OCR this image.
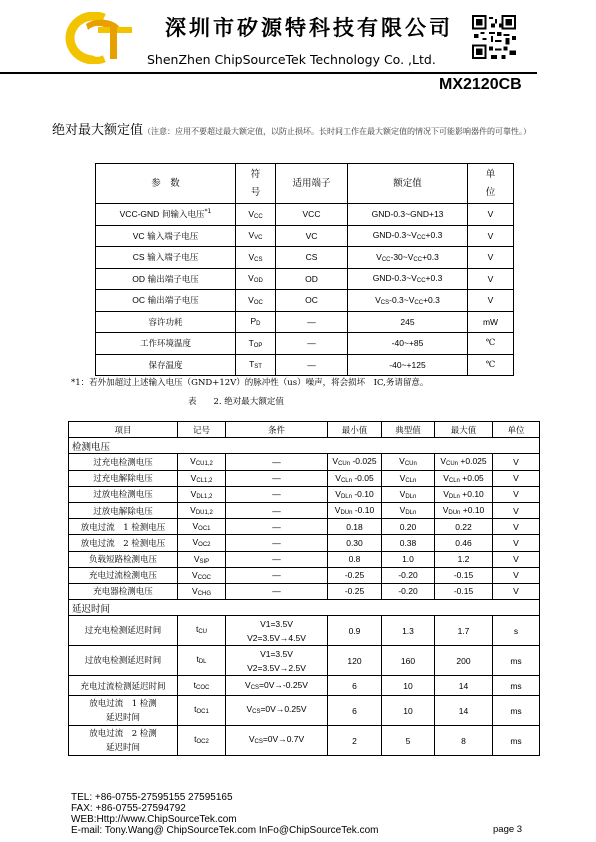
深圳市矽源特科技有限公司
ShenZhen ChipSourceTek Technology Co. ,Ltd.
MX2120CB
绝对最大额定值（注意：应用不要超过最大额定值，以防止损坏。长时间工作在最大额定值的情况下可能影响器件的可靠性。）
参　数	符
号	适用端子	额定值	单
位
VCC-GND 间输入电压$^{*1}$	$V_{CC}$	VCC	GND-0.3~GND+13	V
VC 输入端子电压	$V_{VC}$	VC	GND-$0.3\sim V_{CC}+0.3$	V
CS 输入端子电压	$V_{CS}$	CS	$V_{CC}-30\sim V_{CC}+0.3$	V
OD 输出端子电压	$V_{OD}$	OD	GND-$0.3\sim V_{CC}+0.3$	V
OC 输出端子电压	$V_{OC}$	OC	$V_{CS}-0.3\sim V_{CC}+0.3$	V
容许功耗	$P_D$	—	245	mW
工作环境温度	$T_{OP}$	—	-40~+85	℃
保存温度	$T_{ST}$	—	-40~+125	℃
*1：若外加超过上述输入电压（GND+12V）的脉冲性（us）噪声，将会损坏　IC,务请留意。
表　　2. 绝对最大额定值
项目	记号	条件	最小值	典型值	最大值	单位
检测电压						
过充电检测电压	$V_{CU1,2}$	—	$V_{CUn}$ -0.025	$V_{CUn}$	$V_{CUn} +0.025$	V
过充电解除电压	$V_{CL1,2}$	—	$V_{CLn}$ -0.05	$V_{CLn}$	$V_{CLn} +0.05$	V
过放电检测电压	$V_{DL1,2}$	—	$V_{DLn}$ -0.10	$V_{DLn}$	$V_{DLn} +0.10$	V
过放电解除电压	$V_{DU1,2}$	—	$V_{DUn}$ -0.10	$V_{DLn}$	$V_{DUn} +0.10$	V
放电过流　1 检测电压	$V_{OC1}$	—	0.18	0.20	0.22	V
放电过流　2 检测电压	$V_{OC2}$	—	0.30	0.38	0.46	V
负载短路检测电压	$V_{SIP}$	—	0.8	1.0	1.2	V
充电过流检测电压	$V_{COC}$	—	-0.25	-0.20	-0.15	V
充电器检测电压	$V_{CHG}$	—	-0.25	-0.20	-0.15	V
延迟时间						
过充电检测延迟时间	$t_{CU}$	V1=3.5V
V2=3.5V→4.5V	0.9	1.3	1.7	s
过放电检测延迟时间	$t_{DL}$	V1=3.5V
V2=3.5V→2.5V	120	160	200	ms
充电过流检测延迟时间	$t_{COC}$	$V_{CS}=0V\to-0.25V$	6	10	14	ms
放电过流　1 检测
延迟时间	$t_{OC1}$	$V_{CS}=0V\to 0.25V$	6	10	14	ms
放电过流　2 检测
延迟时间	$t_{OC2}$	$V_{CS}=0V\to 0.7V$	2	5	8	ms
TEL: +86-0755-27595155 27595165
FAX: +86-0755-27594792
WEB:Http://www.ChipSourceTek.com
E-mail: Tony.Wang@ ChipSourceTek.com InFo@ChipSourceTek.com	page 3
